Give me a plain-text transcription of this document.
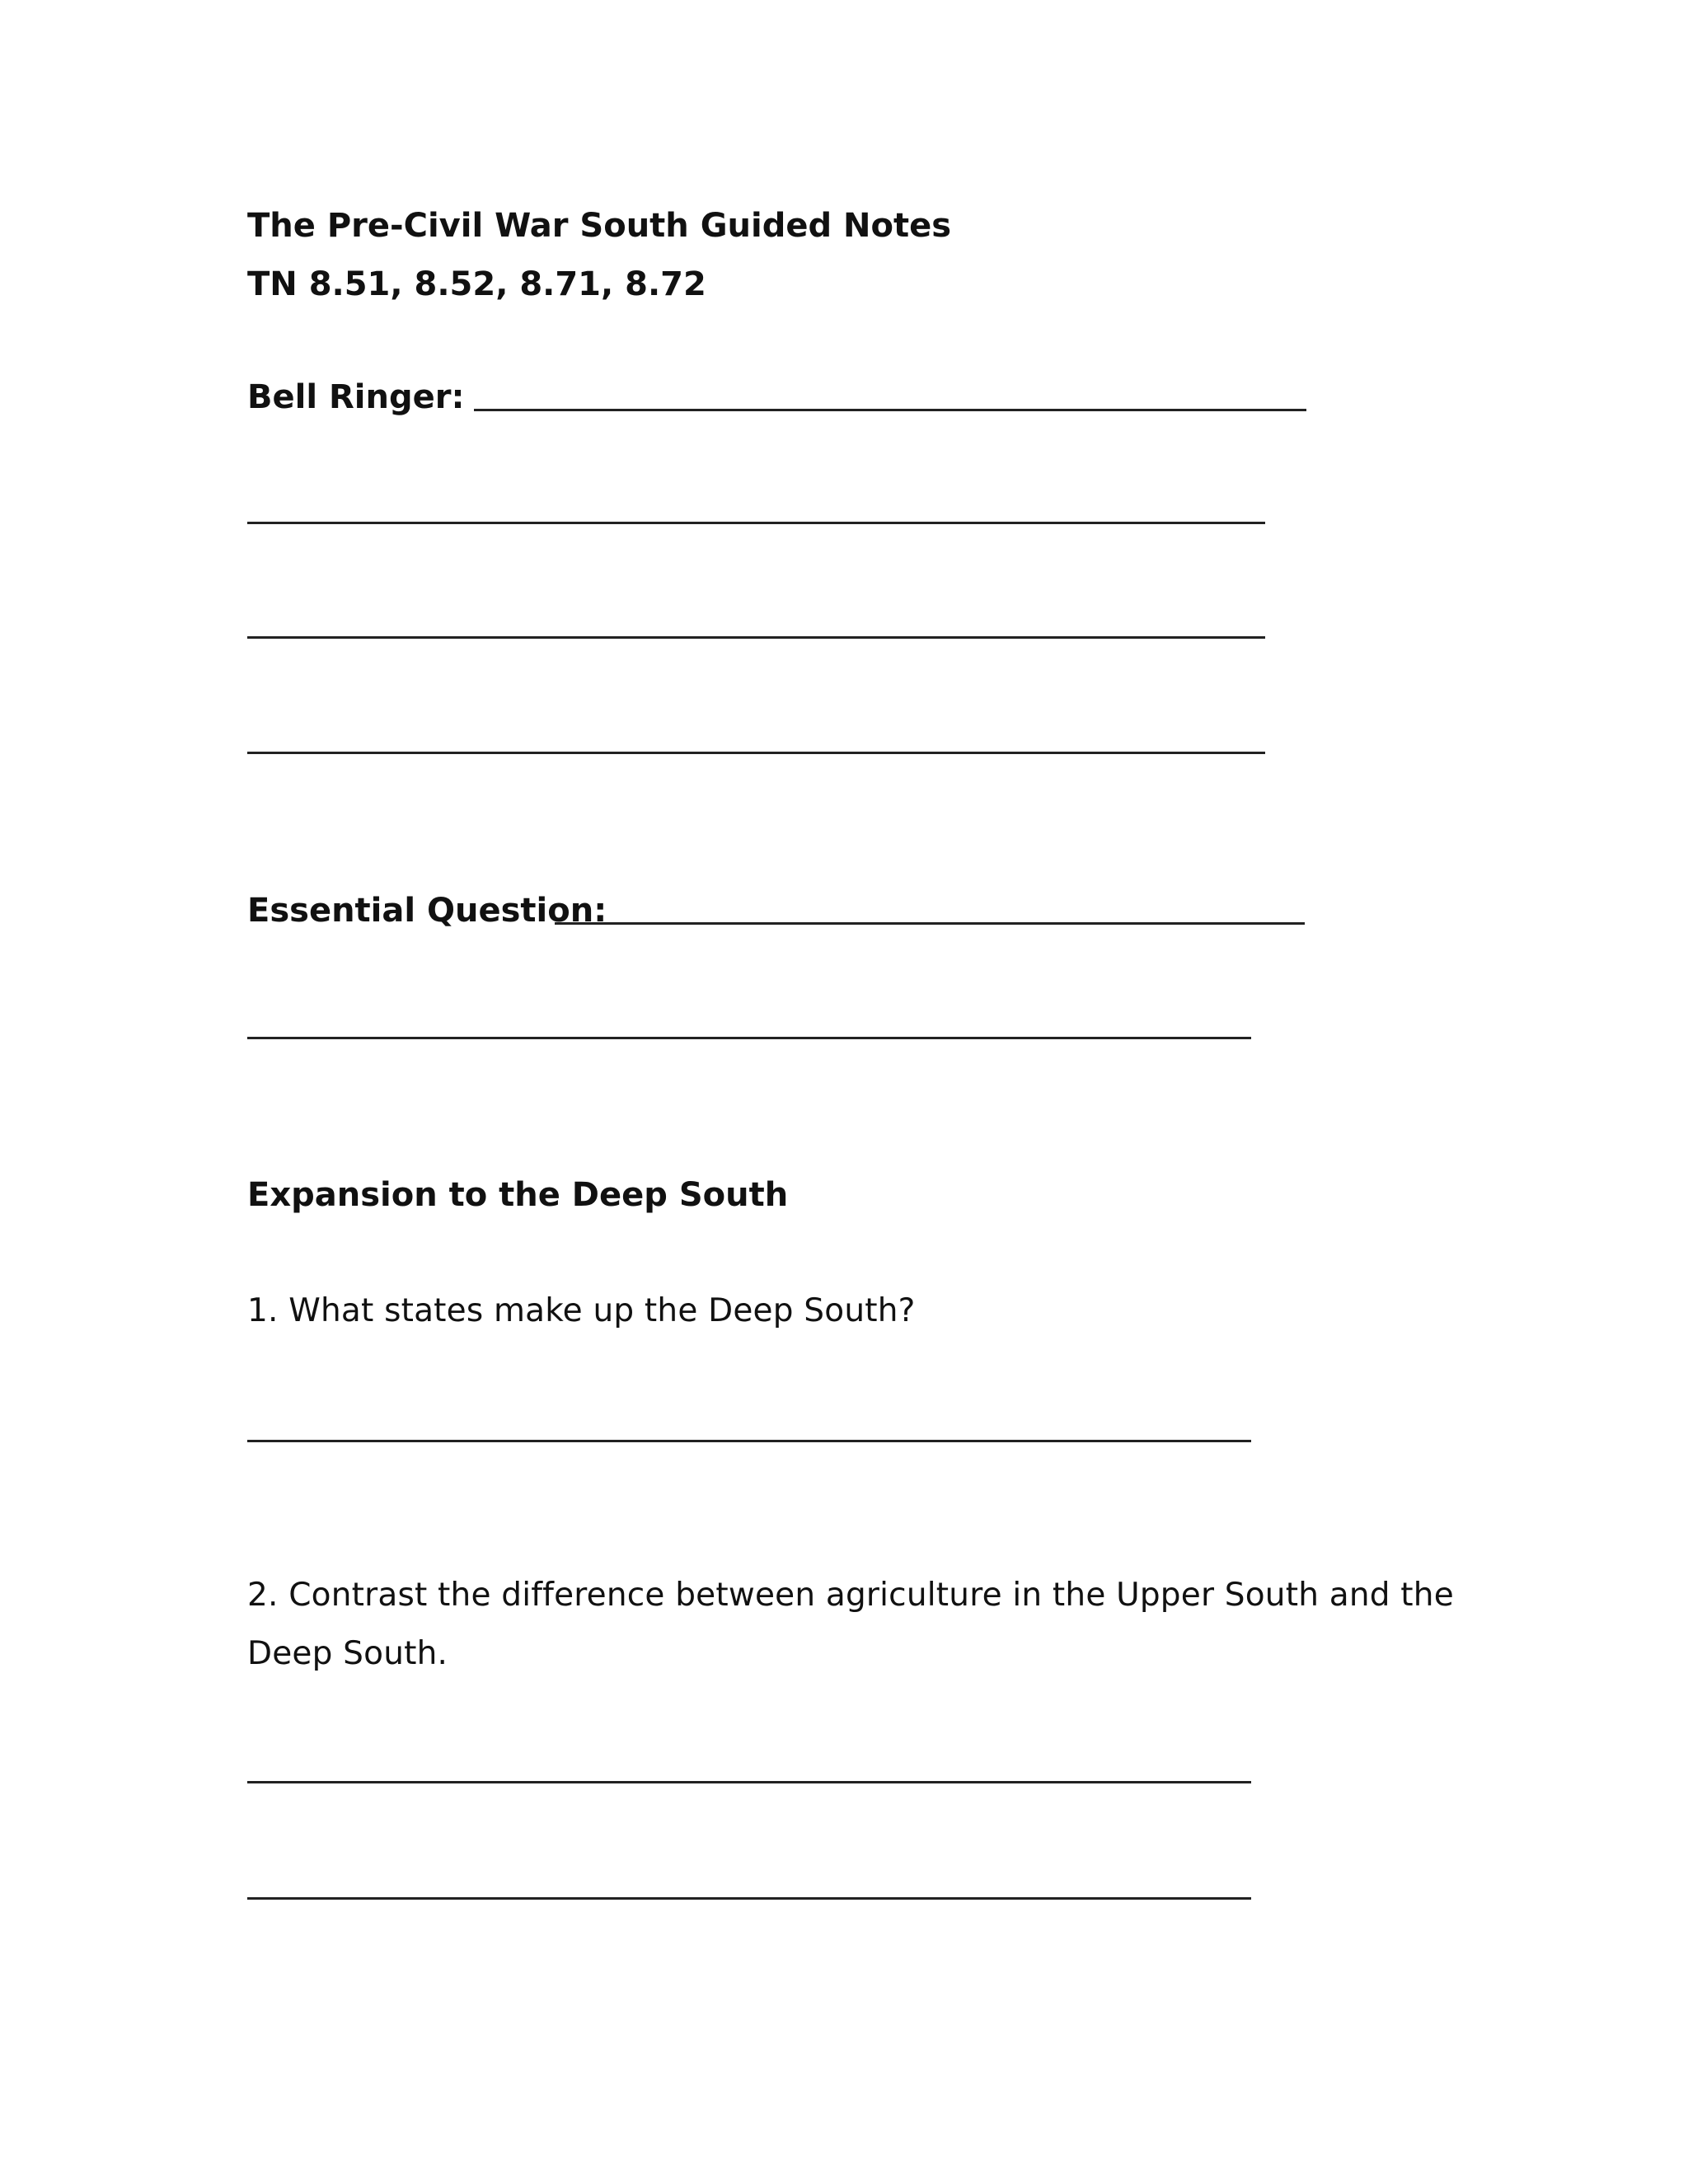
The Pre-Civil War South Guided Notes
TN 8.51, 8.52, 8.71, 8.72
Bell Ringer:
Essential Question:
Expansion to the Deep South
1. What states make up the Deep South?
2. Contrast the difference between agriculture in the Upper South and the
Deep South.
